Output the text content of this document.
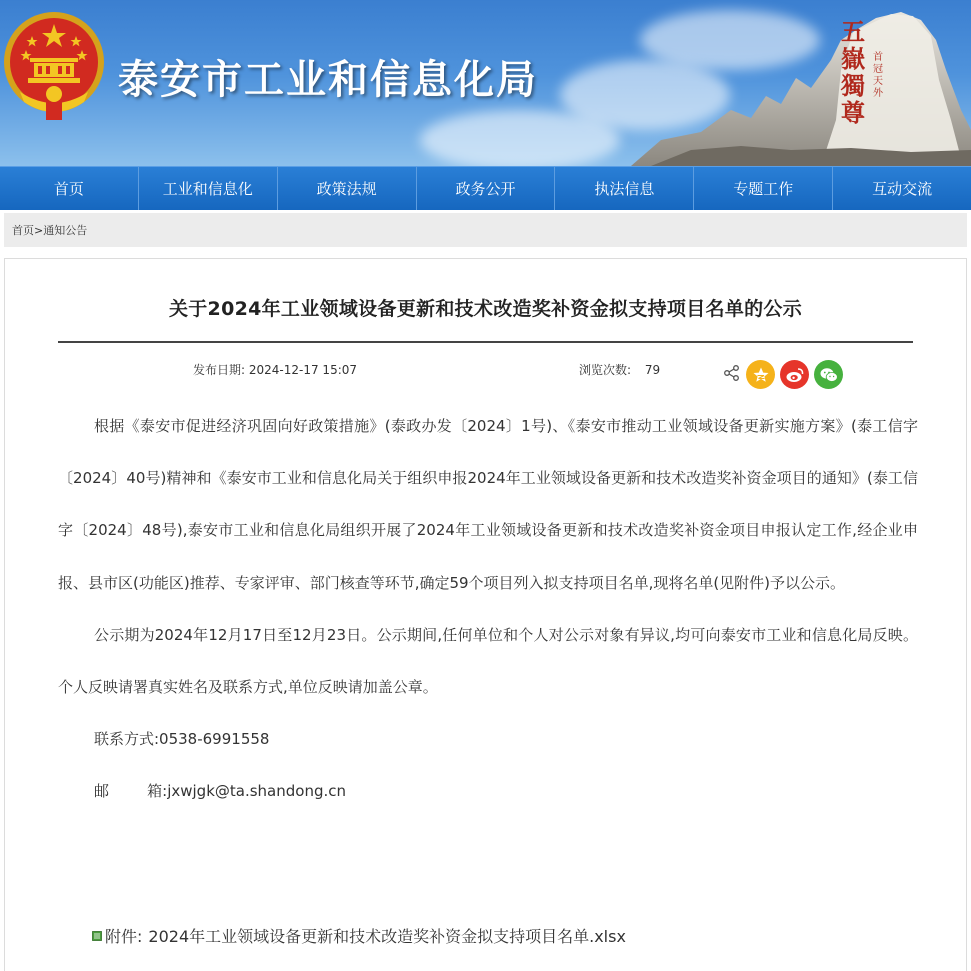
泰安市工业和信息化局
五
嶽
獨
尊
首冠天外
首页	工业和信息化	政策法规	政务公开	执法信息	专题工作	互动交流
首页 > 通知公告
关于2024年工业领域设备更新和技术改造奖补资金拟支持项目名单的公示
发布日期: 2024-12-17 15:07	浏览次数: 79

根据《泰安市促进经济巩固向好政策措施》(泰政办发〔2024〕1号)、《泰安市推动工业领域设备更新实施方案》(泰工信字〔2024〕40号)精神和《泰安市工业和信息化局关于组织申报2024年工业领域设备更新和技术改造奖补资金项目的通知》(泰工信字〔2024〕48号),泰安市工业和信息化局组织开展了2024年工业领域设备更新和技术改造奖补资金项目申报认定工作,经企业申报、县市区(功能区)推荐、专家评审、部门核查等环节,确定59个项目列入拟支持项目名单,现将名单(见附件)予以公示。

公示期为2024年12月17日至12月23日。公示期间,任何单位和个人对公示对象有异议,均可向泰安市工业和信息化局反映。个人反映请署真实姓名及联系方式,单位反映请加盖公章。

联系方式:0538-6991558

邮        箱:jxwjgk@ta.shandong.cn

附件: 2024年工业领域设备更新和技术改造奖补资金拟支持项目名单.xlsx
